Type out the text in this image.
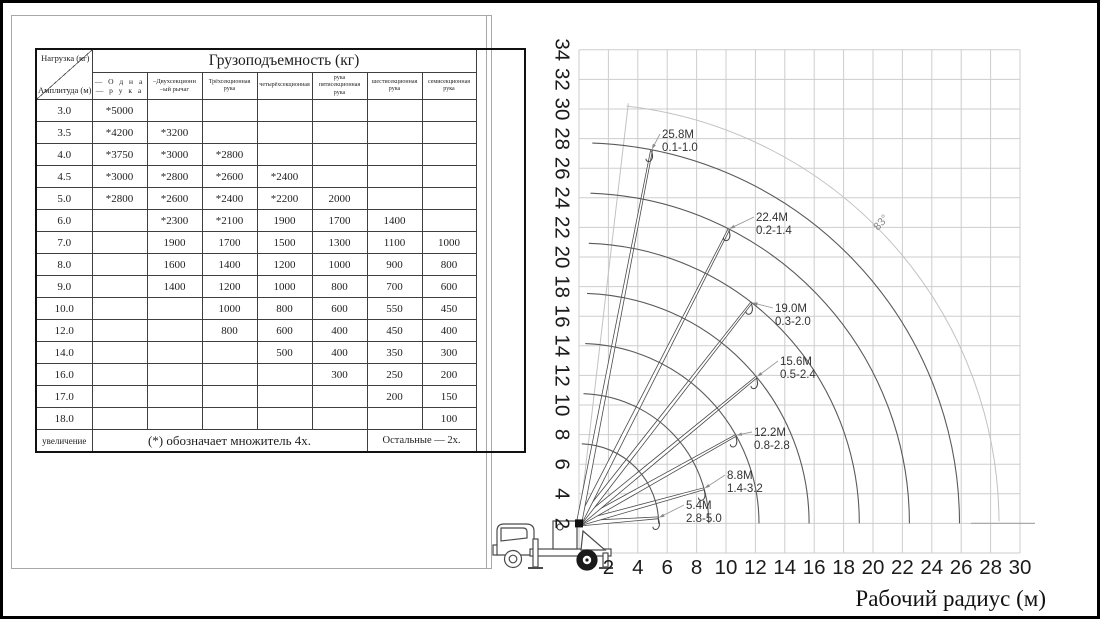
5.4M
2.8-5.0
8.8M
1.4-3.2
12.2M
0.8-2.8
15.6M
0.5-2.4
19.0M
0.3-2.0
22.4M
0.2-1.4
25.8M
0.1-1.0
2 4 6 8 10 12 14 16 18 20 22 24 26 28 30
2
4
6
8
10
12
14
16
18
20
22
24
26
28
30
32
34
83°
Рабочий радиус (м)
Нагрузка (кг)
Амплитуда (м)	Грузоподъемность (кг)						

	— О д н а
— р у к а	–Двухсекционн
–ый рычаг	Трёхсекционная рука	четырёхсекционная	рука пятисекционная рука	шестисекционная рука	семисекционная рука

3.0	*5000						
3.5	*4200	*3200					
4.0	*3750	*3000	*2800				
4.5	*3000	*2800	*2600	*2400			
5.0	*2800	*2600	*2400	*2200	2000		
6.0		*2300	*2100	1900	1700	1400	
7.0		1900	1700	1500	1300	1100	1000
8.0		1600	1400	1200	1000	900	800
9.0		1400	1200	1000	800	700	600
10.0			1000	800	600	550	450
12.0			800	600	400	450	400
14.0				500	400	350	300
16.0					300	250	200
17.0						200	150
18.0							100
увеличение	(*) обозначает множитель 4x.					Остальные — 2x.	
